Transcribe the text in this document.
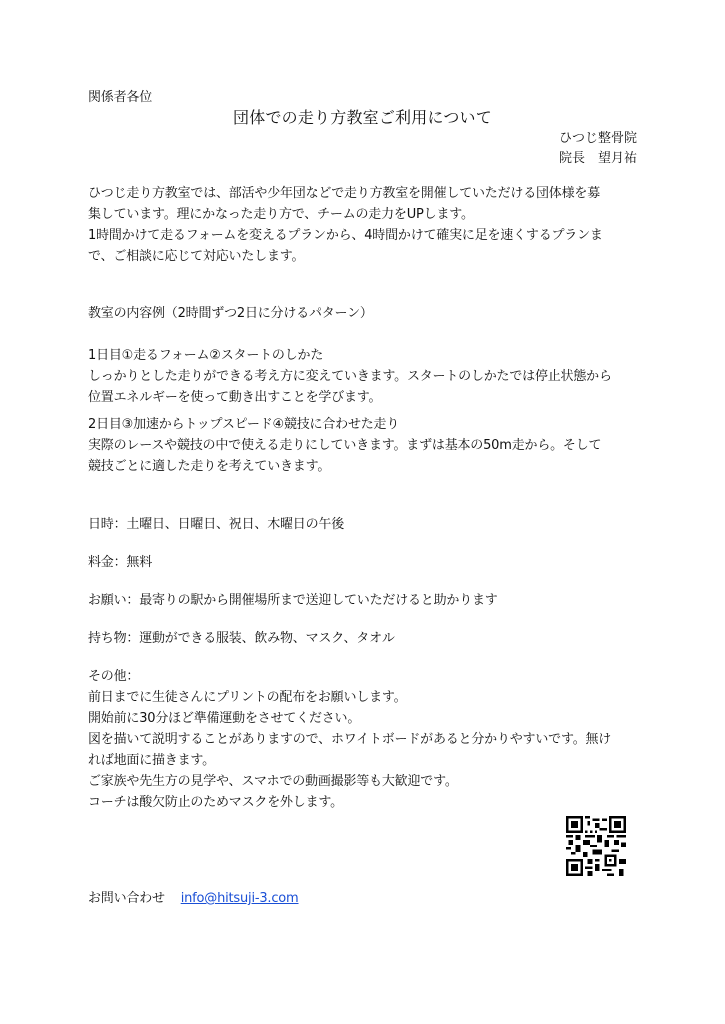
関係者各位
団体での走り方教室ご利用について
ひつじ整骨院
院長　望月祐
ひつじ走り方教室では、部活や少年団などで走り方教室を開催していただける団体様を募
集しています。理にかなった走り方で、チームの走力をUPします。
1時間かけて走るフォームを変えるプランから、4時間かけて確実に足を速くするプランま
で、ご相談に応じて対応いたします。
教室の内容例（2時間ずつ2日に分けるパターン）
1日目①走るフォーム②スタートのしかた
しっかりとした走りができる考え方に変えていきます。スタートのしかたでは停止状態から
位置エネルギーを使って動き出すことを学びます。
2日目③加速からトップスピード④競技に合わせた走り
実際のレースや競技の中で使える走りにしていきます。まずは基本の50m走から。そして
競技ごとに適した走りを考えていきます。
日時：土曜日、日曜日、祝日、木曜日の午後
料金：無料
お願い：最寄りの駅から開催場所まで送迎していただけると助かります
持ち物：運動ができる服装、飲み物、マスク、タオル
その他：
前日までに生徒さんにプリントの配布をお願いします。
開始前に30分ほど準備運動をさせてください。
図を描いて説明することがありますので、ホワイトボードがあると分かりやすいです。無け
れば地面に描きます。
ご家族や先生方の見学や、スマホでの動画撮影等も大歓迎です。
コーチは酸欠防止のためマスクを外します。
お問い合わせ info@hitsuji-3.com
